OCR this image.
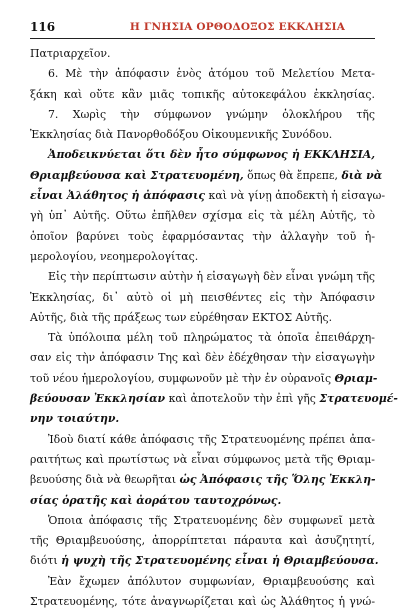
116	Η ΓΝΗΣΙΑ ΟΡΘΟΔΟΞΟΣ ΕΚΚΛΗΣΙΑ
Πατριαρχεῖον.
6. Μὲ τὴν ἀπόφασιν ἑνὸς ἀτόμου τοῦ Μελετίου Μετα-
ξάκη καὶ οὔτε κἂν μιᾶς τοπικῆς αὐτοκεφάλου ἐκκλησίας.
7. Χωρὶς τὴν σύμφωνον γνώμην ὁλοκλήρου τῆς
Ἐκκλησίας διὰ Πανορθοδόξου Οἰκουμενικῆς Συνόδου.
Ἀποδεικνύεται ὅτι δὲν ἦτο σύμφωνος ἡ ΕΚΚΛΗΣΙΑ,
Θριαμβεύουσα καὶ Στρατευομένη, ὅπως θὰ ἔπρεπε, διὰ νὰ
εἶναι Ἀλάθητος ἡ ἀπόφασις καὶ νὰ γίνῃ ἀποδεκτὴ ἡ εἰσαγω-
γὴ ὑπ᾿ Αὐτῆς. Οὕτω ἐπῆλθεν σχίσμα εἰς τὰ μέλη Αὐτῆς, τὸ
ὁποῖον βαρύνει τοὺς ἐφαρμόσαντας τὴν ἀλλαγὴν τοῦ ἡ-
μερολογίου, νεοημερολογίτας.
Εἰς τὴν περίπτωσιν αὐτὴν ἡ εἰσαγωγὴ δὲν εἶναι γνώμη τῆς
Ἐκκλησίας, δι᾿ αὐτὸ οἱ μὴ πεισθέντες εἰς τὴν Ἀπόφασιν
Αὐτῆς, διὰ τῆς πράξεως των εὑρέθησαν ΕΚΤΟΣ Αὐτῆς.
Τὰ ὑπόλοιπα μέλη τοῦ πληρώματος τὰ ὁποῖα ἐπειθάρχη-
σαν εἰς τὴν ἀπόφασιν Της καὶ δὲν ἐδέχθησαν τὴν εἰσαγωγὴν
τοῦ νέου ἡμερολογίου, συμφωνοῦν μὲ τὴν ἐν οὐρανοῖς Θριαμ-
βεύουσαν Ἐκκλησίαν καὶ ἀποτελοῦν τὴν ἐπὶ γῆς Στρατευομέ-
νην τοιαύτην.
Ἰδοὺ διατί κάθε ἀπόφασις τῆς Στρατευομένης πρέπει ἀπα-
ραιτήτως καὶ πρωτίστως νὰ εἶναι σύμφωνος μετὰ τῆς Θριαμ-
βευούσης διὰ νὰ θεωρῆται ὡς Ἀπόφασις τῆς Ὅλης Ἐκκλη-
σίας ὁρατῆς καὶ ἀοράτου ταυτοχρόνως.
Ὁποια ἀπόφασις τῆς Στρατευομένης δὲν συμφωνεῖ μετὰ
τῆς Θριαμβευούσης, ἀπορρίπτεται πάραυτα καὶ ἀσυζητητί,
διότι ἡ ψυχὴ τῆς Στρατευομένης εἶναι ἡ Θριαμβεύουσα.
Ἐὰν ἔχωμεν ἀπόλυτον συμφωνίαν, Θριαμβευούσης καὶ
Στρατευομένης, τότε ἀναγνωρίζεται καὶ ὡς Ἀλάθητος ἡ γνώ-
